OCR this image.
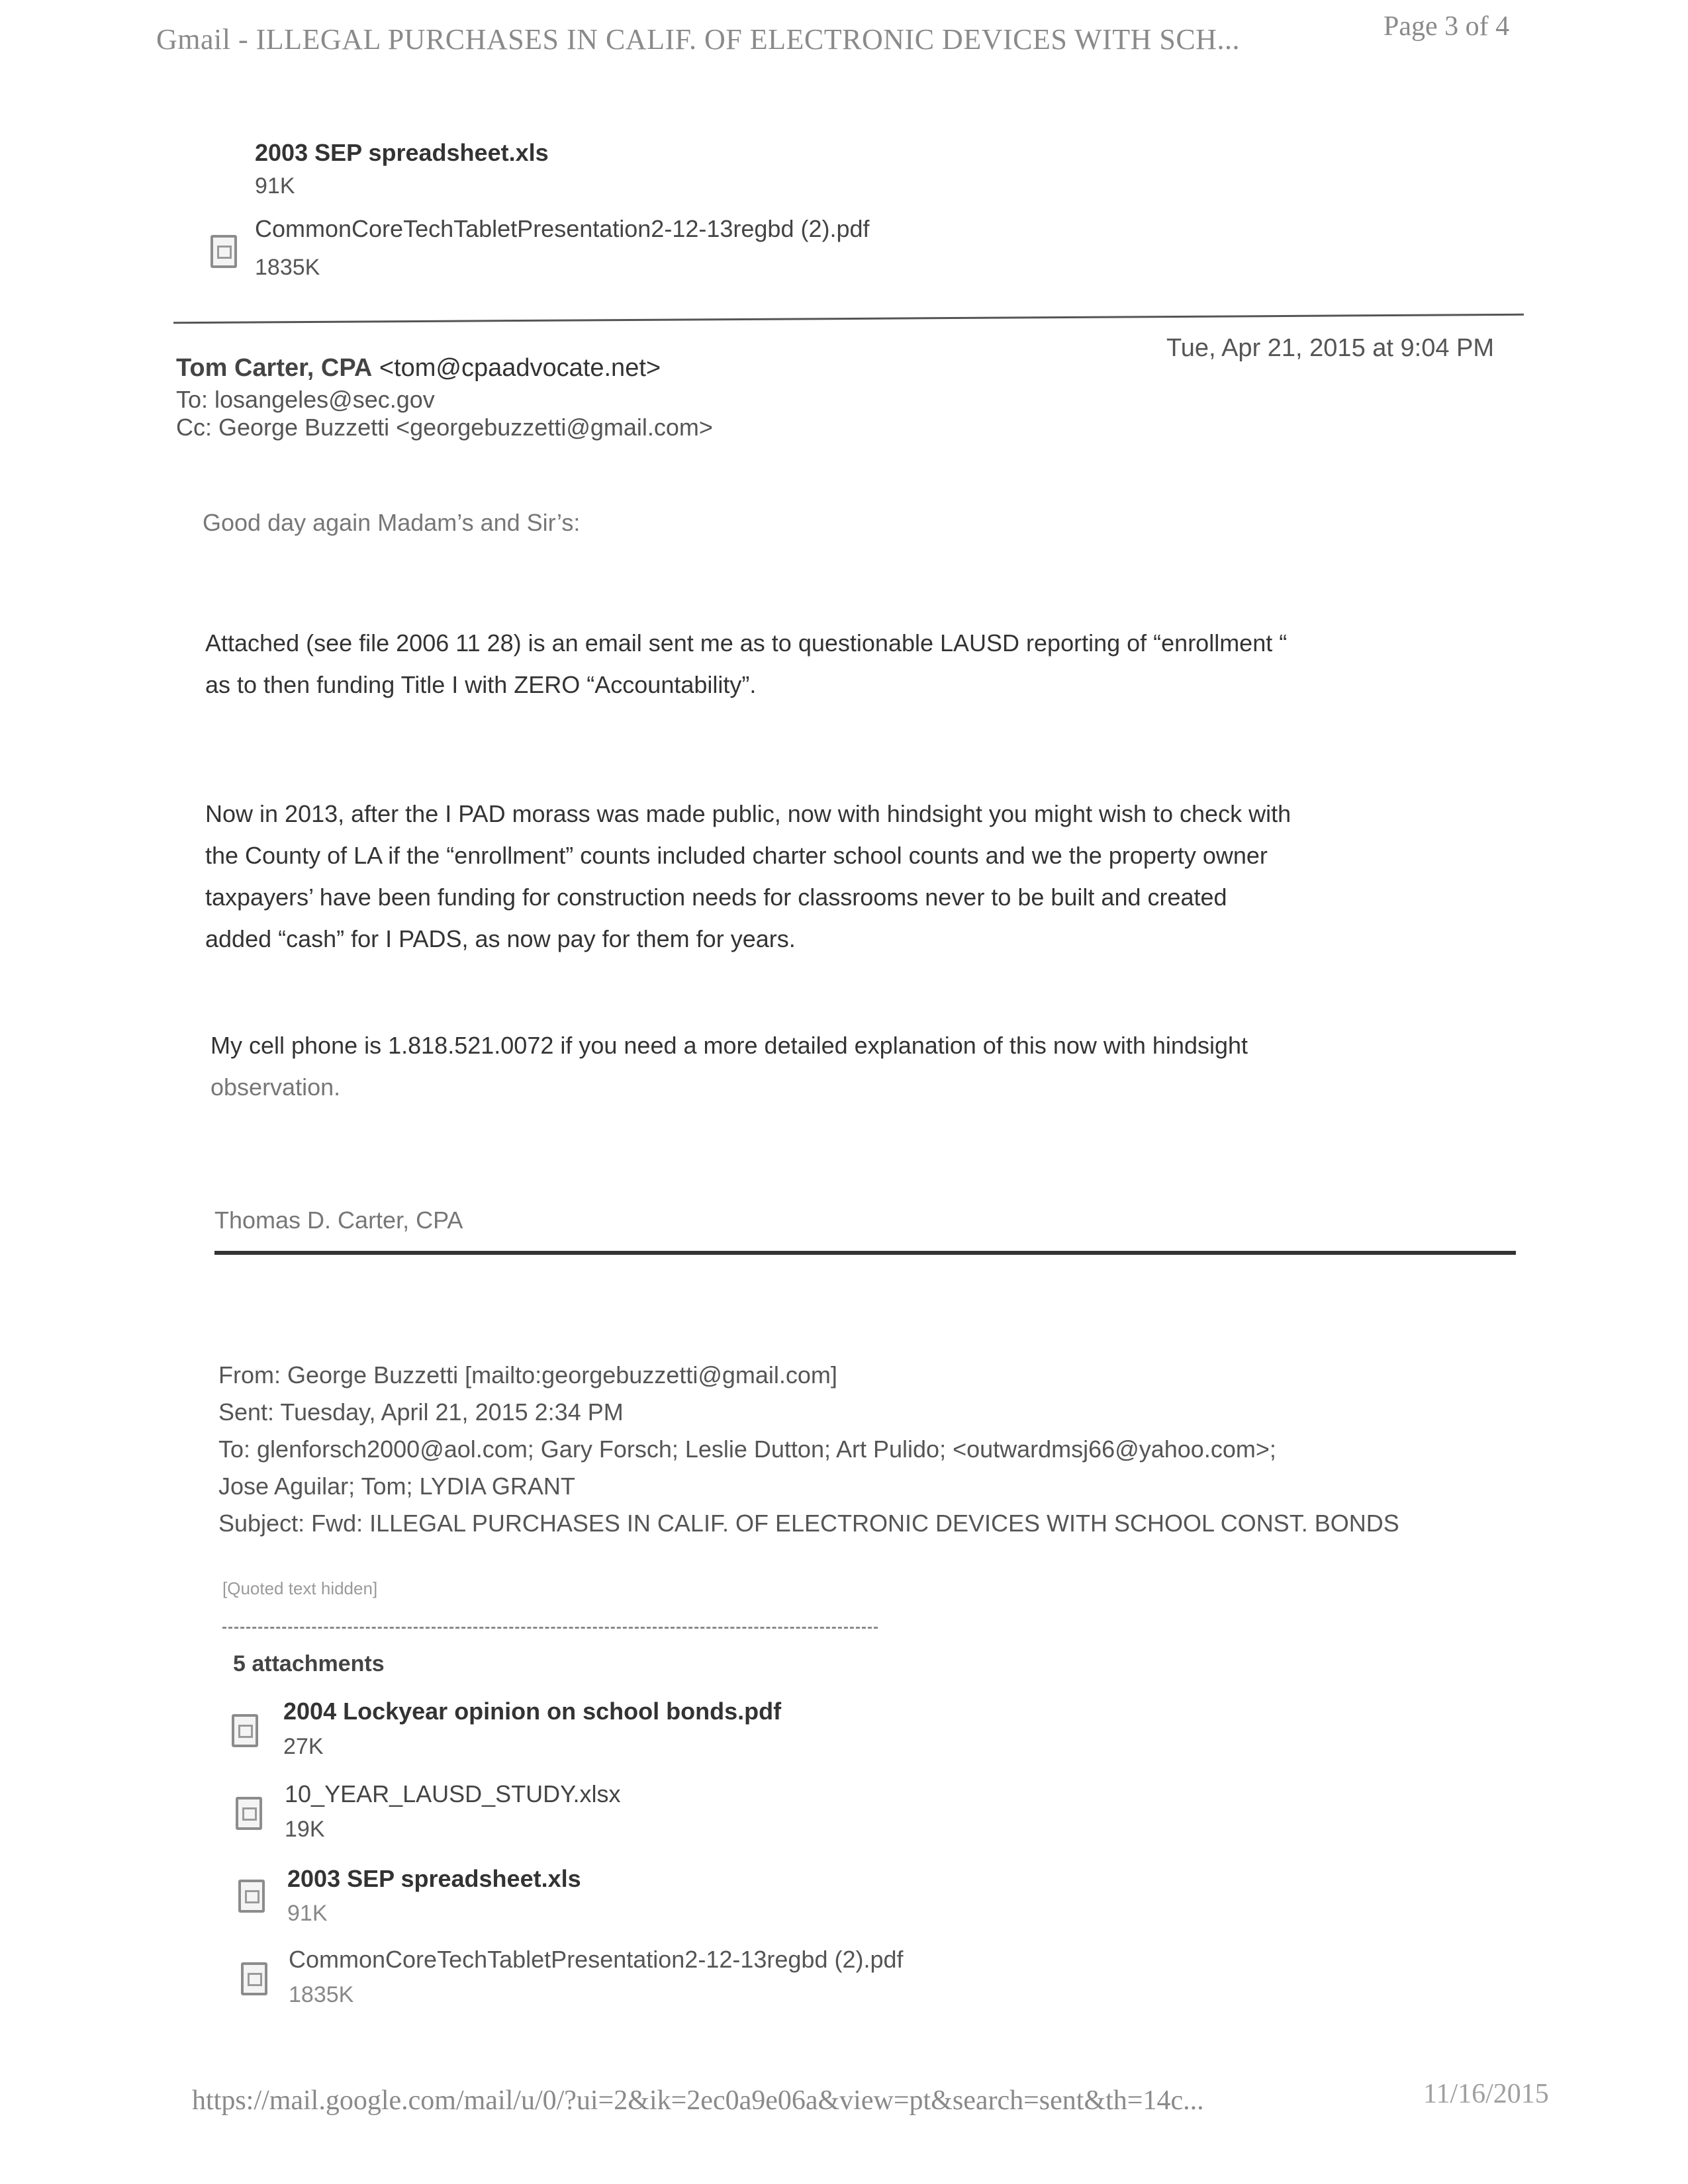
Gmail - ILLEGAL PURCHASES IN CALIF. OF ELECTRONIC DEVICES WITH SCH...	Page 3 of 4
2003 SEP spreadsheet.xls
91K
CommonCoreTechTabletPresentation2-12-13regbd (2).pdf
1835K
Tom Carter, CPA <tom@cpaadvocate.net>
Tue, Apr 21, 2015 at 9:04 PM
To: losangeles@sec.gov
Cc: George Buzzetti <georgebuzzetti@gmail.com>
Good day again Madam’s and Sir’s:
Attached (see file 2006 11 28) is an email sent me as to questionable LAUSD reporting of “enrollment “
as to then funding Title I with ZERO “Accountability”.
Now in 2013, after the I PAD morass was made public, now with hindsight you might wish to check with
the County of LA if the “enrollment” counts included charter school counts and we the property owner
taxpayers’ have been funding for construction needs for classrooms never to be built and created
added “cash” for I PADS, as now pay for them for years.
My cell phone is 1.818.521.0072 if you need a more detailed explanation of this now with hindsight
observation.
Thomas D. Carter, CPA
From: George Buzzetti [mailto:georgebuzzetti@gmail.com]
Sent: Tuesday, April 21, 2015 2:34 PM
To: glenforsch2000@aol.com; Gary Forsch; Leslie Dutton; Art Pulido; <outwardmsj66@yahoo.com>;
Jose Aguilar; Tom; LYDIA GRANT
Subject: Fwd: ILLEGAL PURCHASES IN CALIF. OF ELECTRONIC DEVICES WITH SCHOOL CONST. BONDS
[Quoted text hidden]
5 attachments
2004 Lockyear opinion on school bonds.pdf
27K
10_YEAR_LAUSD_STUDY.xlsx
19K
2003 SEP spreadsheet.xls
91K
CommonCoreTechTabletPresentation2-12-13regbd (2).pdf
1835K
https://mail.google.com/mail/u/0/?ui=2&ik=2ec0a9e06a&view=pt&search=sent&th=14c...	11/16/2015
